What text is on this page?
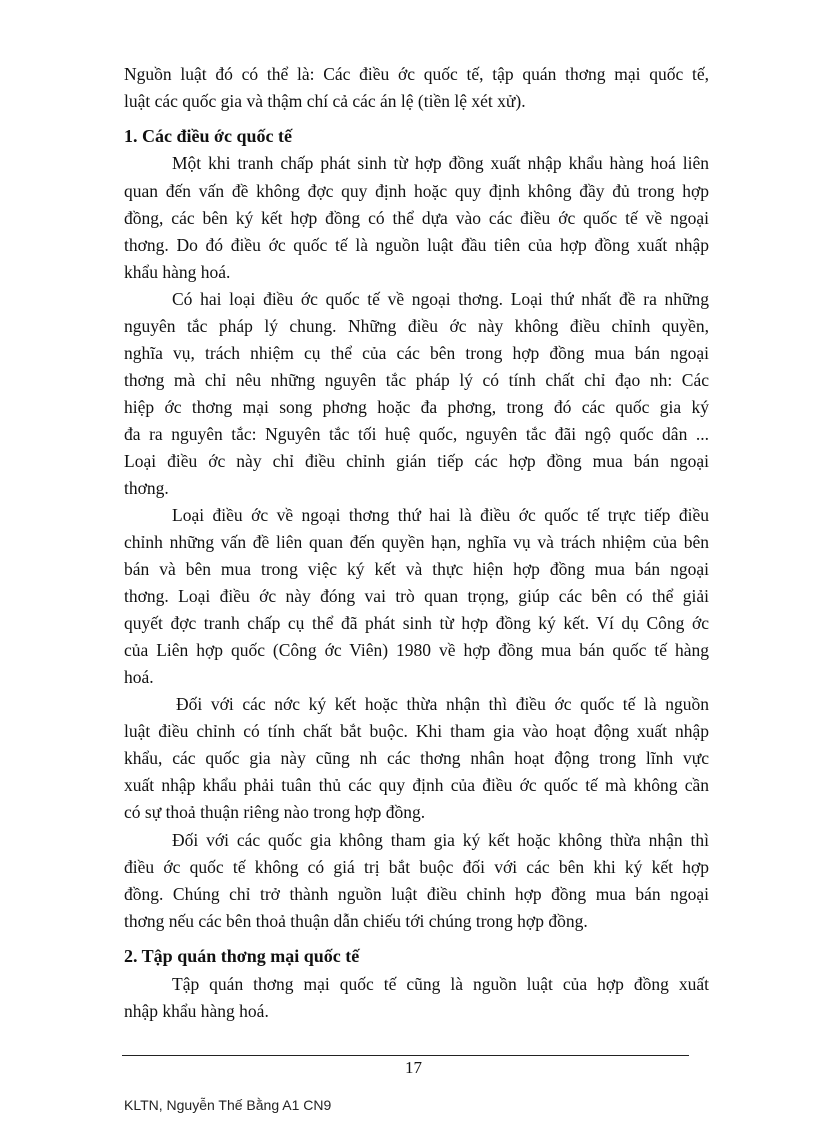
Nguồn luật đó có thể là: Các điều ớc quốc tế, tập quán thơng mại quốc tế,
luật các quốc gia và thậm chí cả các án lệ (tiền lệ xét xử).
1. Các điều ớc quốc tế
Một khi tranh chấp phát sinh từ hợp đồng xuất nhập khẩu hàng hoá liên
quan đến vấn đề không đợc quy định hoặc quy định không đầy đủ trong hợp
đồng, các bên ký kết hợp đồng có thể dựa vào các điều ớc quốc tế về ngoại
thơng. Do đó điều ớc quốc tế là nguồn luật đầu tiên của hợp đồng xuất nhập
khẩu hàng hoá.
Có hai loại điều ớc quốc tế về ngoại thơng. Loại thứ nhất đề ra những
nguyên tắc pháp lý chung. Những điều ớc này không điều chỉnh quyền,
nghĩa vụ, trách nhiệm cụ thể của các bên trong hợp đồng mua bán ngoại
thơng mà chỉ nêu những nguyên tắc pháp lý có tính chất chỉ đạo nh: Các
hiệp ớc thơng mại song phơng hoặc đa phơng, trong đó các quốc gia ký
đa ra nguyên tắc: Nguyên tắc tối huệ quốc, nguyên tắc đãi ngộ quốc dân ...
Loại điều ớc này chỉ điều chỉnh gián tiếp các hợp đồng mua bán ngoại
thơng.
Loại điều ớc về ngoại thơng thứ hai là điều ớc quốc tế trực tiếp điều
chỉnh những vấn đề liên quan đến quyền hạn, nghĩa vụ và trách nhiệm của bên
bán và bên mua trong việc ký kết và thực hiện hợp đồng mua bán ngoại
thơng. Loại điều ớc này đóng vai trò quan trọng, giúp các bên có thể giải
quyết đợc tranh chấp cụ thể đã phát sinh từ hợp đồng ký kết. Ví dụ Công ớc
của Liên hợp quốc (Công ớc Viên) 1980 về hợp đồng mua bán quốc tế hàng
hoá.
Đối với các nớc ký kết hoặc thừa nhận thì điều ớc quốc tế là nguồn
luật điều chỉnh có tính chất bắt buộc. Khi tham gia vào hoạt động xuất nhập
khẩu, các quốc gia này cũng nh các thơng nhân hoạt động trong lĩnh vực
xuất nhập khẩu phải tuân thủ các quy định của điều ớc quốc tế mà không cần
có sự thoả thuận riêng nào trong hợp đồng.
Đối với các quốc gia không tham gia ký kết hoặc không thừa nhận thì
điều ớc quốc tế không có giá trị bắt buộc đối với các bên khi ký kết hợp
đồng. Chúng chỉ trở thành nguồn luật điều chỉnh hợp đồng mua bán ngoại
thơng nếu các bên thoả thuận dẫn chiếu tới chúng trong hợp đồng.
2. Tập quán thơng mại quốc tế
Tập quán thơng mại quốc tế cũng là nguồn luật của hợp đồng xuất
nhập khẩu hàng hoá.
17
KLTN, Nguyễn Thế Bằng A1 CN9
